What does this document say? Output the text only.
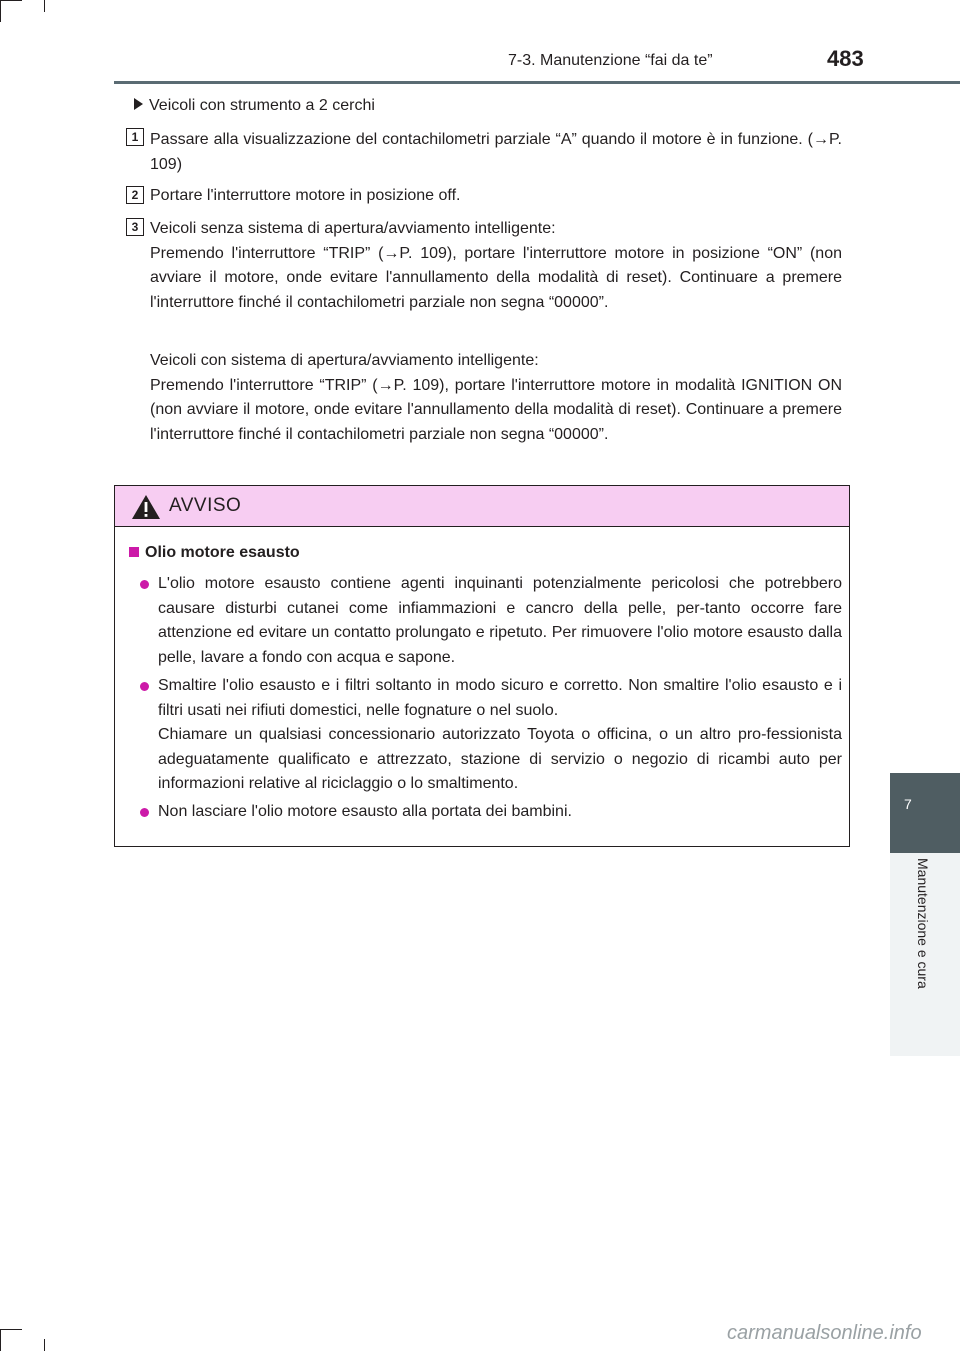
7-3. Manutenzione “fai da te”	483
7
Manutenzione e cura
Veicoli con strumento a 2 cerchi
1 Passare alla visualizzazione del contachilometri parziale “A” quando il motore è in funzione. (→P. 109)

2 Portare l'interruttore motore in posizione off.

3 Veicoli senza sistema di apertura/avviamento intelligente:

Premendo l'interruttore “TRIP” (→P. 109), portare l'interruttore motore in posizione “ON” (non avviare il motore, onde evitare l'annullamento della modalità di reset). Continuare a premere l'interruttore finché il contachilometri parziale non segna “00000”.

Veicoli con sistema di apertura/avviamento intelligente:

Premendo l'interruttore “TRIP” (→P. 109), portare l'interruttore motore in modalità IGNITION ON (non avviare il motore, onde evitare l'annullamento della modalità di reset). Continuare a premere l'interruttore finché il contachilometri parziale non segna “00000”.

AVVISO
Olio motore esausto

L'olio motore esausto contiene agenti inquinanti potenzialmente pericolosi che potrebbero causare disturbi cutanei come infiammazioni e cancro della pelle, per-tanto occorre fare attenzione ed evitare un contatto prolungato e ripetuto. Per rimuovere l'olio motore esausto dalla pelle, lavare a fondo con acqua e sapone.

Smaltire l'olio esausto e i filtri soltanto in modo sicuro e corretto. Non smaltire l'olio esausto e i filtri usati nei rifiuti domestici, nelle fognature o nel suolo.

Chiamare un qualsiasi concessionario autorizzato Toyota o officina, o un altro pro-fessionista adeguatamente qualificato e attrezzato, stazione di servizio o negozio di ricambi auto per informazioni relative al riciclaggio o lo smaltimento.

Non lasciare l'olio motore esausto alla portata dei bambini.

carmanualsonline.info
